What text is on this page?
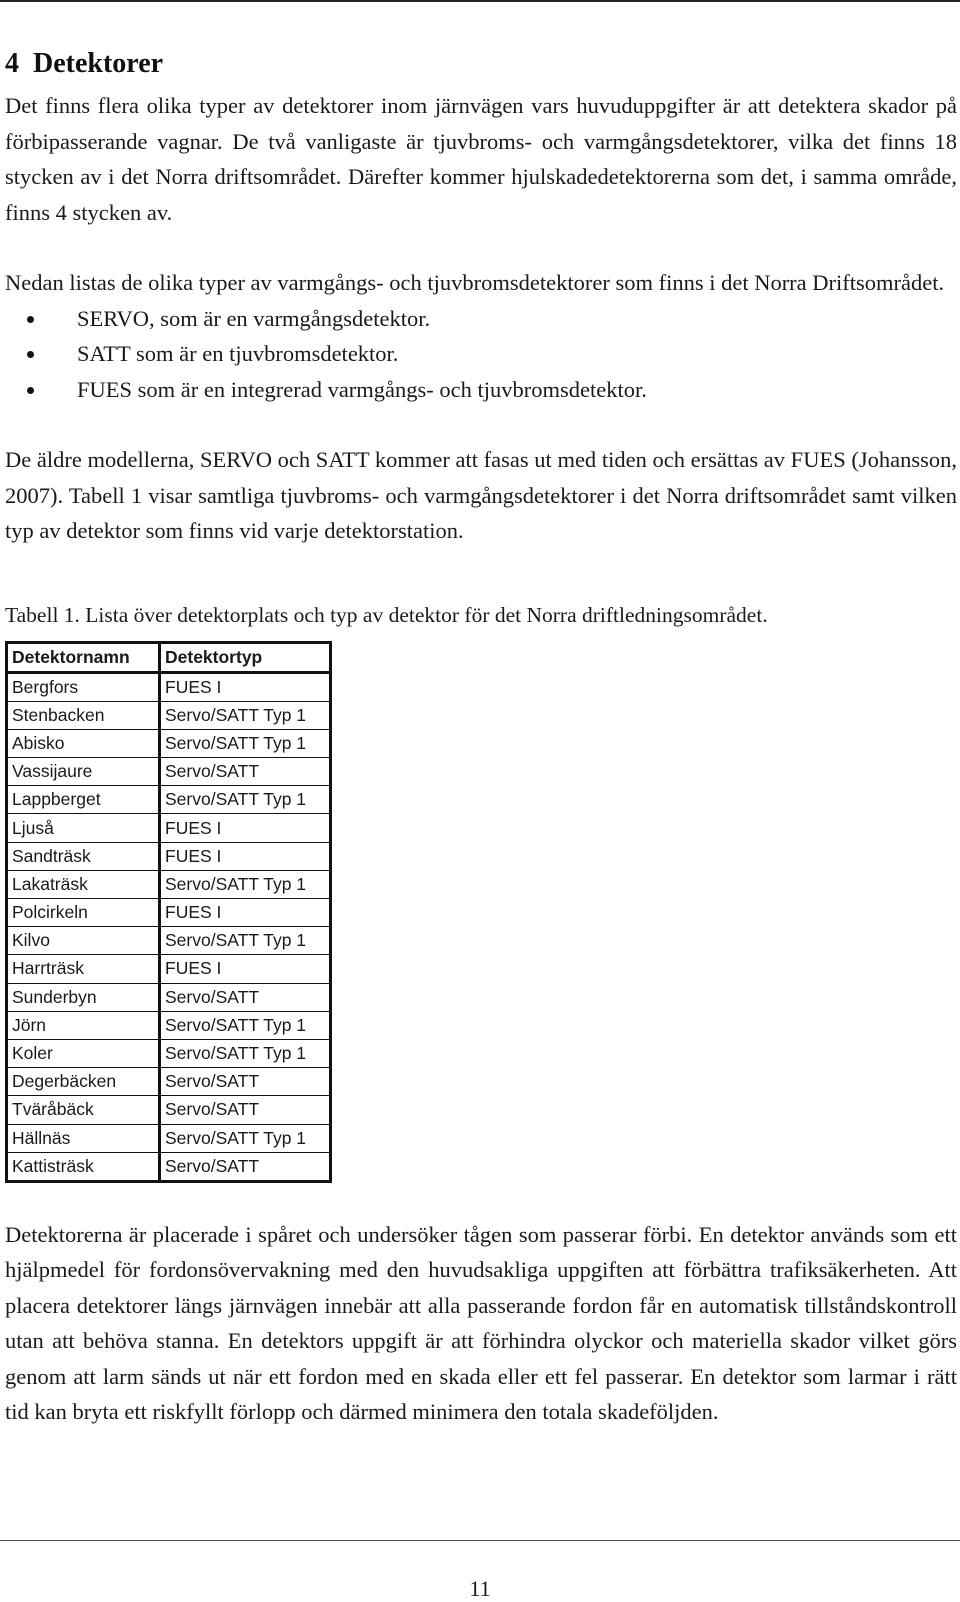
4 Detektorer

Det finns flera olika typer av detektorer inom järnvägen vars huvuduppgifter är att detektera skador på förbipasserande vagnar. De två vanligaste är tjuvbroms- och varmgångsdetektorer, vilka det finns 18 stycken av i det Norra driftsområdet. Därefter kommer hjulskadedetektorerna som det, i samma område, finns 4 stycken av.

Nedan listas de olika typer av varmgångs- och tjuvbromsdetektorer som finns i det Norra Driftsområdet.

SERVO, som är en varmgångsdetektor.
SATT som är en tjuvbromsdetektor.
FUES som är en integrerad varmgångs- och tjuvbromsdetektor.

De äldre modellerna, SERVO och SATT kommer att fasas ut med tiden och ersättas av FUES (Johansson, 2007). Tabell 1 visar samtliga tjuvbroms- och varmgångsdetektorer i det Norra driftsområdet samt vilken typ av detektor som finns vid varje detektorstation.

Tabell 1. Lista över detektorplats och typ av detektor för det Norra driftledningsområdet.
Detektornamn	Detektortyp
Bergfors	FUES I
Stenbacken	Servo/SATT Typ 1
Abisko	Servo/SATT Typ 1
Vassijaure	Servo/SATT
Lappberget	Servo/SATT Typ 1
Ljuså	FUES I
Sandträsk	FUES I
Lakaträsk	Servo/SATT Typ 1
Polcirkeln	FUES I
Kilvo	Servo/SATT Typ 1
Harrträsk	FUES I
Sunderbyn	Servo/SATT
Jörn	Servo/SATT Typ 1
Koler	Servo/SATT Typ 1
Degerbäcken	Servo/SATT
Tväråbäck	Servo/SATT
Hällnäs	Servo/SATT Typ 1
Kattisträsk	Servo/SATT

Detektorerna är placerade i spåret och undersöker tågen som passerar förbi. En detektor används som ett hjälpmedel för fordonsövervakning med den huvudsakliga uppgiften att förbättra trafiksäkerheten. Att placera detektorer längs järnvägen innebär att alla passerande fordon får en automatisk tillståndskontroll utan att behöva stanna. En detektors uppgift är att förhindra olyckor och materiella skador vilket görs genom att larm sänds ut när ett fordon med en skada eller ett fel passerar. En detektor som larmar i rätt tid kan bryta ett riskfyllt förlopp och därmed minimera den totala skadeföljden.

11
